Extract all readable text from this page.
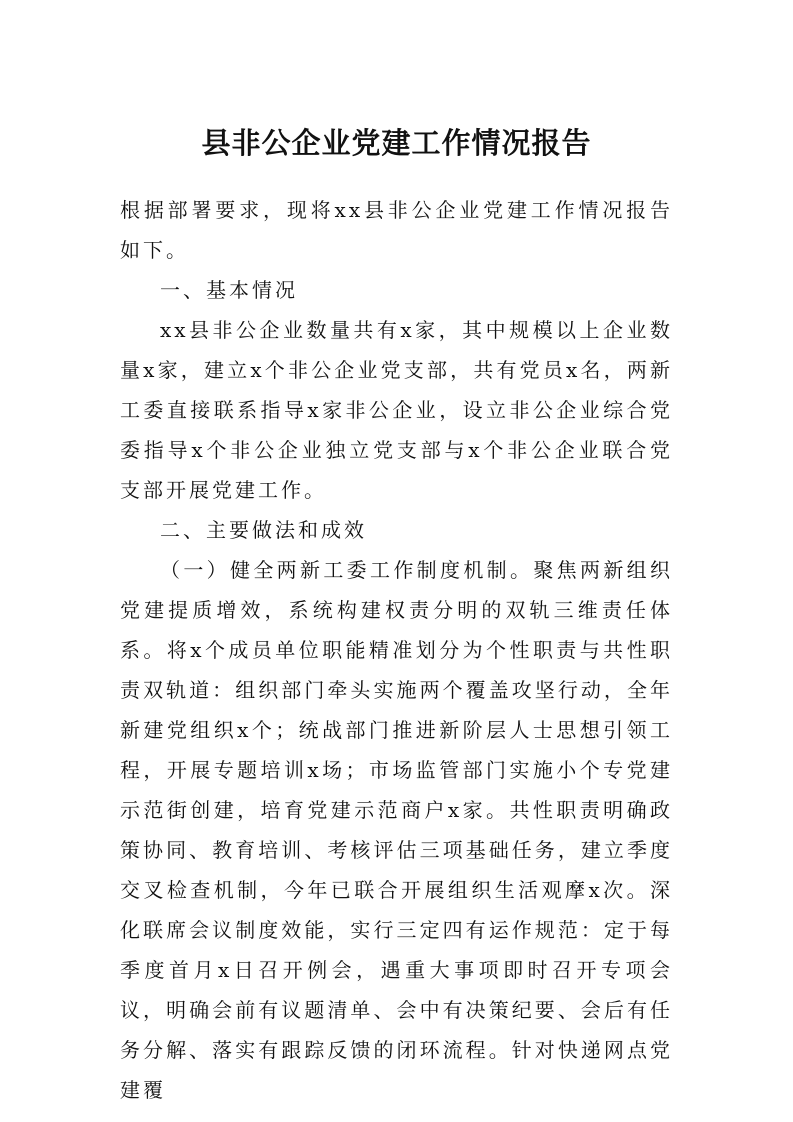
县非公企业党建工作情况报告

根据部署要求，现将xx县非公企业党建工作情况报告如下。

一、基本情况

xx县非公企业数量共有x家，其中规模以上企业数量x家，建立x个非公企业党支部，共有党员x名，两新工委直接联系指导x家非公企业，设立非公企业综合党委指导x个非公企业独立党支部与x个非公企业联合党支部开展党建工作。

二、主要做法和成效

（一）健全两新工委工作制度机制。聚焦两新组织党建提质增效，系统构建权责分明的双轨三维责任体系。将x个成员单位职能精准划分为个性职责与共性职责双轨道：组织部门牵头实施两个覆盖攻坚行动，全年新建党组织x个；统战部门推进新阶层人士思想引领工程，开展专题培训x场；市场监管部门实施小个专党建示范街创建，培育党建示范商户x家。共性职责明确政策协同、教育培训、考核评估三项基础任务，建立季度交叉检查机制，今年已联合开展组织生活观摩x次。深化联席会议制度效能，实行三定四有运作规范：定于每季度首月x日召开例会，遇重大事项即时召开专项会议，明确会前有议题清单、会中有决策纪要、会后有任务分解、落实有跟踪反馈的闭环流程。针对快递网点党建覆
